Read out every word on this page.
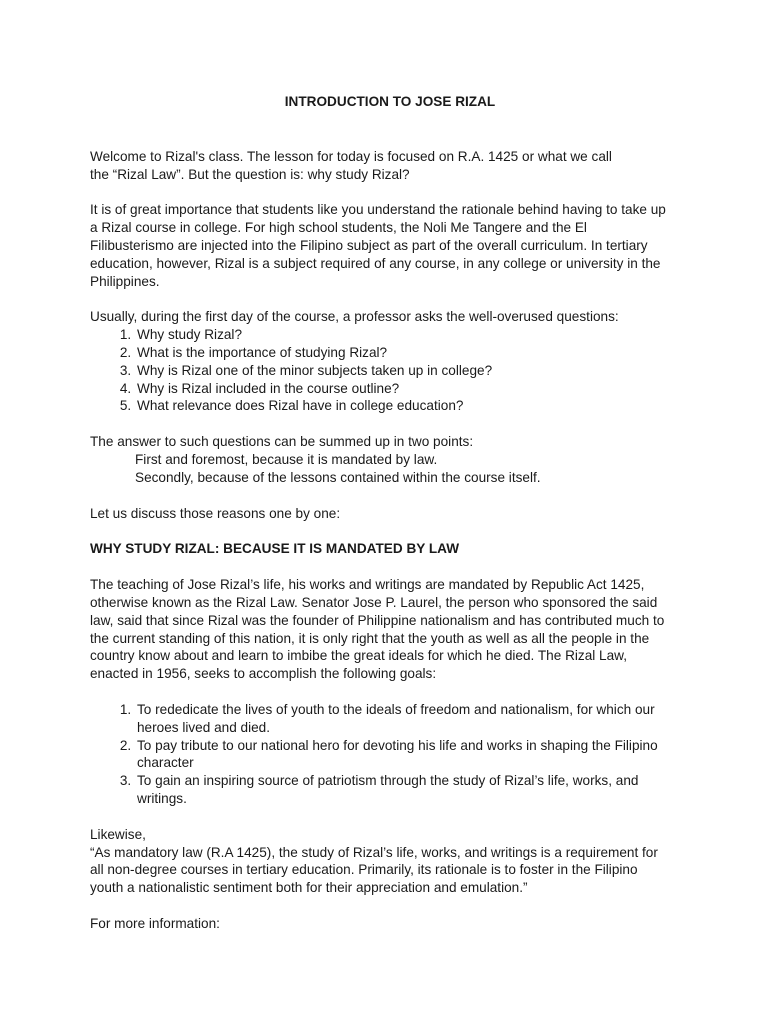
INTRODUCTION TO JOSE RIZAL

Welcome to Rizal's class. The lesson for today is focused on R.A. 1425 or what we call
the “Rizal Law”. But the question is: why study Rizal?

It is of great importance that students like you understand the rationale behind having to take up
a Rizal course in college. For high school students, the Noli Me Tangere and the El
Filibusterismo are injected into the Filipino subject as part of the overall curriculum. In tertiary
education, however, Rizal is a subject required of any course, in any college or university in the
Philippines.

Usually, during the first day of the course, a professor asks the well-overused questions:

1. Why study Rizal?
2. What is the importance of studying Rizal?
3. Why is Rizal one of the minor subjects taken up in college?
4. Why is Rizal included in the course outline?
5. What relevance does Rizal have in college education?

The answer to such questions can be summed up in two points:
First and foremost, because it is mandated by law.
Secondly, because of the lessons contained within the course itself.

Let us discuss those reasons one by one:

WHY STUDY RIZAL: BECAUSE IT IS MANDATED BY LAW

The teaching of Jose Rizal’s life, his works and writings are mandated by Republic Act 1425,
otherwise known as the Rizal Law. Senator Jose P. Laurel, the person who sponsored the said
law, said that since Rizal was the founder of Philippine nationalism and has contributed much to
the current standing of this nation, it is only right that the youth as well as all the people in the
country know about and learn to imbibe the great ideals for which he died. The Rizal Law,
enacted in 1956, seeks to accomplish the following goals:

1. To rededicate the lives of youth to the ideals of freedom and nationalism, for which our
heroes lived and died.
2. To pay tribute to our national hero for devoting his life and works in shaping the Filipino
character
3. To gain an inspiring source of patriotism through the study of Rizal’s life, works, and
writings.

Likewise,
“As mandatory law (R.A 1425), the study of Rizal’s life, works, and writings is a requirement for
all non-degree courses in tertiary education. Primarily, its rationale is to foster in the Filipino
youth a nationalistic sentiment both for their appreciation and emulation.”

For more information:
